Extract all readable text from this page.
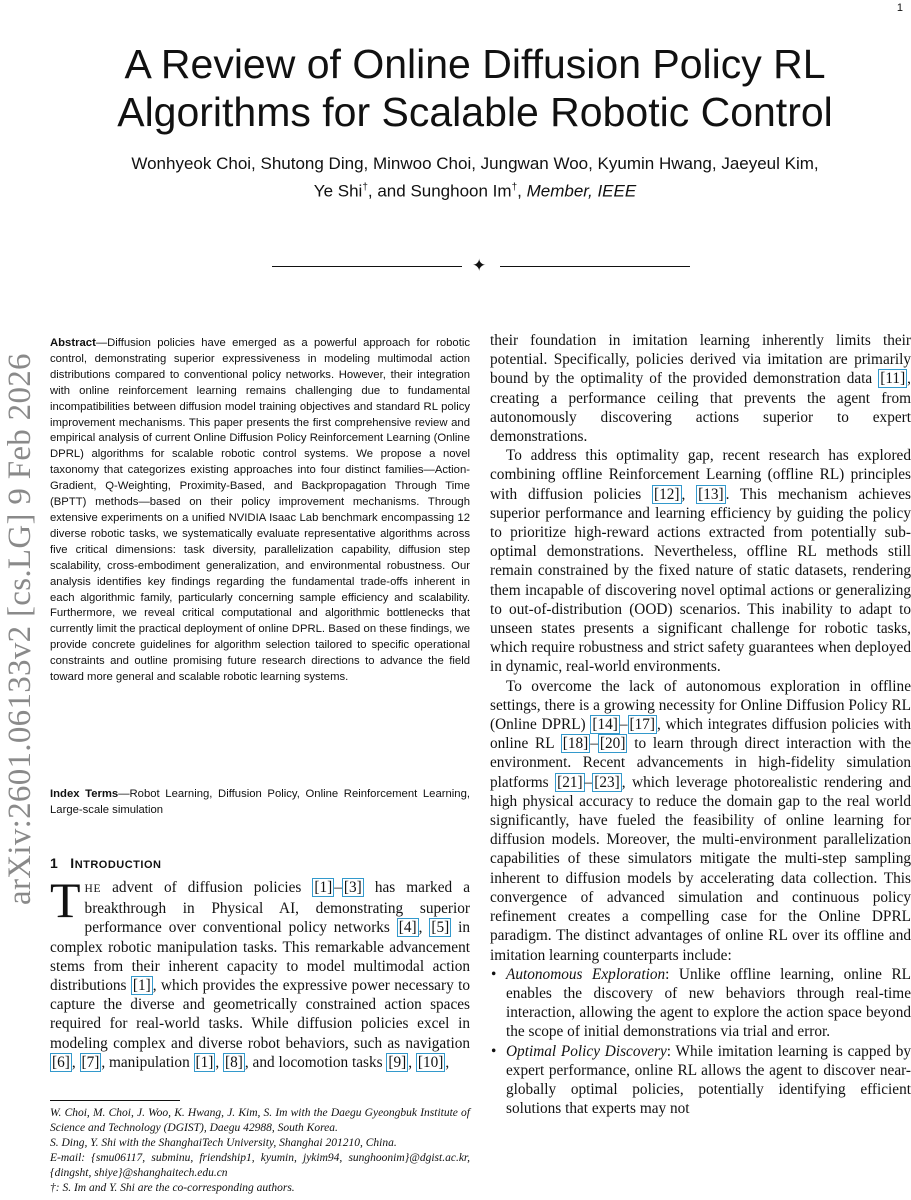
1
arXiv:2601.06133v2 [cs.LG] 9 Feb 2026
A Review of Online Diffusion Policy RL Algorithms for Scalable Robotic Control

Wonhyeok Choi, Shutong Ding, Minwoo Choi, Jungwan Woo, Kyumin Hwang, Jaeyeul Kim,
Ye Shi†, and Sunghoon Im†, Member, IEEE

✦

Abstract—Diffusion policies have emerged as a powerful approach for robotic control, demonstrating superior expressiveness in modeling multimodal action distributions compared to conventional policy networks. However, their integration with online reinforcement learning remains challenging due to fundamental incompatibilities between diffusion model training objectives and standard RL policy improvement mechanisms. This paper presents the first comprehensive review and empirical analysis of current Online Diffusion Policy Reinforcement Learning (Online DPRL) algorithms for scalable robotic control systems. We propose a novel taxonomy that categorizes existing approaches into four distinct families—Action-Gradient, Q-Weighting, Proximity-Based, and Backpropagation Through Time (BPTT) methods—based on their policy improvement mechanisms. Through extensive experiments on a unified NVIDIA Isaac Lab benchmark encompassing 12 diverse robotic tasks, we systematically evaluate representative algorithms across five critical dimensions: task diversity, parallelization capability, diffusion step scalability, cross-embodiment generalization, and environmental robustness. Our analysis identifies key findings regarding the fundamental trade-offs inherent in each algorithmic family, particularly concerning sample efficiency and scalability. Furthermore, we reveal critical computational and algorithmic bottlenecks that currently limit the practical deployment of online DPRL. Based on these findings, we provide concrete guidelines for algorithm selection tailored to specific operational constraints and outline promising future research directions to advance the field toward more general and scalable robotic learning systems.

Index Terms—Robot Learning, Diffusion Policy, Online Reinforcement Learning, Large-scale simulation

1 INTRODUCTION

THE advent of diffusion policies [1] – [3] has marked a breakthrough in Physical AI, demonstrating superior performance over conventional policy networks [4] , [5] in complex robotic manipulation tasks. This remarkable advancement stems from their inherent capacity to model multimodal action distributions [1] , which provides the expressive power necessary to capture the diverse and geometrically constrained action spaces required for real-world tasks. While diffusion policies excel in modeling complex and diverse robot behaviors, such as navigation [6] , [7] , manipulation [1] , [8] , and locomotion tasks [9] , [10] ,

W. Choi, M. Choi, J. Woo, K. Hwang, J. Kim, S. Im with the Daegu Gyeongbuk Institute of Science and Technology (DGIST), Daegu 42988, South Korea.

S. Ding, Y. Shi with the ShanghaiTech University, Shanghai 201210, China.

E-mail: {smu06117, subminu, friendship1, kyumin, jykim94, sunghoonim}@dgist.ac.kr, {dingsht, shiye}@shanghaitech.edu.cn

†: S. Im and Y. Shi are the co-corresponding authors.

their foundation in imitation learning inherently limits their potential. Specifically, policies derived via imitation are primarily bound by the optimality of the provided demonstration data [11] , creating a performance ceiling that prevents the agent from autonomously discovering actions superior to expert demonstrations.

To address this optimality gap, recent research has explored combining offline Reinforcement Learning (offline RL) principles with diffusion policies [12] , [13] . This mechanism achieves superior performance and learning efficiency by guiding the policy to prioritize high-reward actions extracted from potentially sub-optimal demonstrations. Nevertheless, offline RL methods still remain constrained by the fixed nature of static datasets, rendering them incapable of discovering novel optimal actions or generalizing to out-of-distribution (OOD) scenarios. This inability to adapt to unseen states presents a significant challenge for robotic tasks, which require robustness and strict safety guarantees when deployed in dynamic, real-world environments.

To overcome the lack of autonomous exploration in offline settings, there is a growing necessity for Online Diffusion Policy RL (Online DPRL) [14] – [17] , which integrates diffusion policies with online RL [18] – [20] to learn through direct interaction with the environment. Recent advancements in high-fidelity simulation platforms [21] – [23] , which leverage photorealistic rendering and high physical accuracy to reduce the domain gap to the real world significantly, have fueled the feasibility of online learning for diffusion models. Moreover, the multi-environment parallelization capabilities of these simulators mitigate the multi-step sampling inherent to diffusion models by accelerating data collection. This convergence of advanced simulation and continuous policy refinement creates a compelling case for the Online DPRL paradigm. The distinct advantages of online RL over its offline and imitation learning counterparts include:

• Autonomous Exploration: Unlike offline learning, online RL enables the discovery of new behaviors through real-time interaction, allowing the agent to explore the action space beyond the scope of initial demonstrations via trial and error.
• Optimal Policy Discovery: While imitation learning is capped by expert performance, online RL allows the agent to discover near-globally optimal policies, potentially identifying efficient solutions that experts may not
